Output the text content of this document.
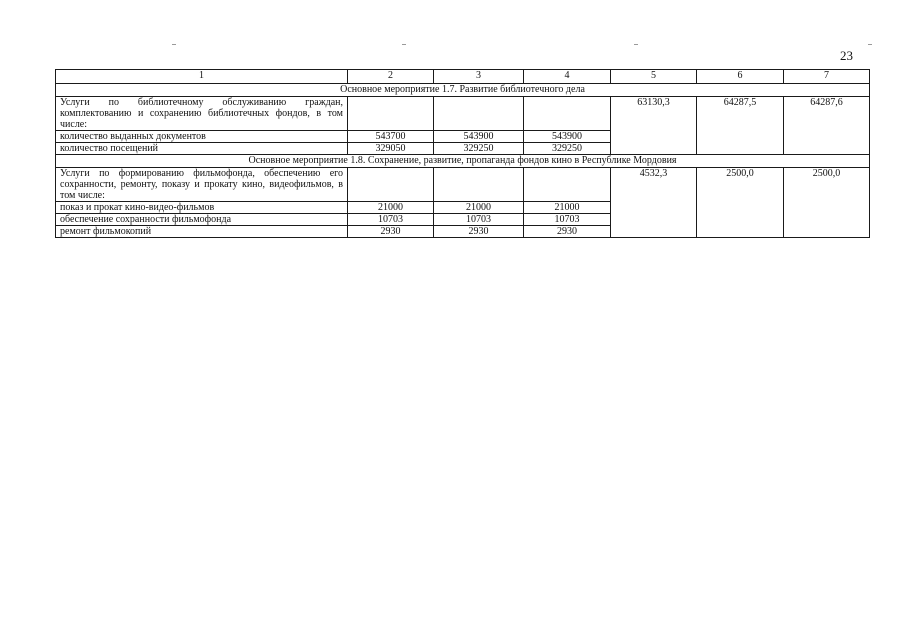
23
1	2	3	4	5	6	7
Основное мероприятие 1.7. Развитие библиотечного дела						
Услуги по библиотечному обслуживанию граждан, комплектованию и сохранению библиотечных фондов, в том числе:				63130,3	64287,5	64287,6
количество выданных документов	543700	543900	543900			
количество посещений	329050	329250	329250			
Основное мероприятие 1.8. Сохранение, развитие, пропаганда фондов кино в Республике Мордовия						
Услуги по формированию фильмофонда, обеспечению его сохранности, ремонту, показу и прокату кино, видеофильмов, в том числе:				4532,3	2500,0	2500,0
показ и прокат кино-видео-фильмов	21000	21000	21000			
обеспечение сохранности фильмофонда	10703	10703	10703			
ремонт фильмокопий	2930	2930	2930			
